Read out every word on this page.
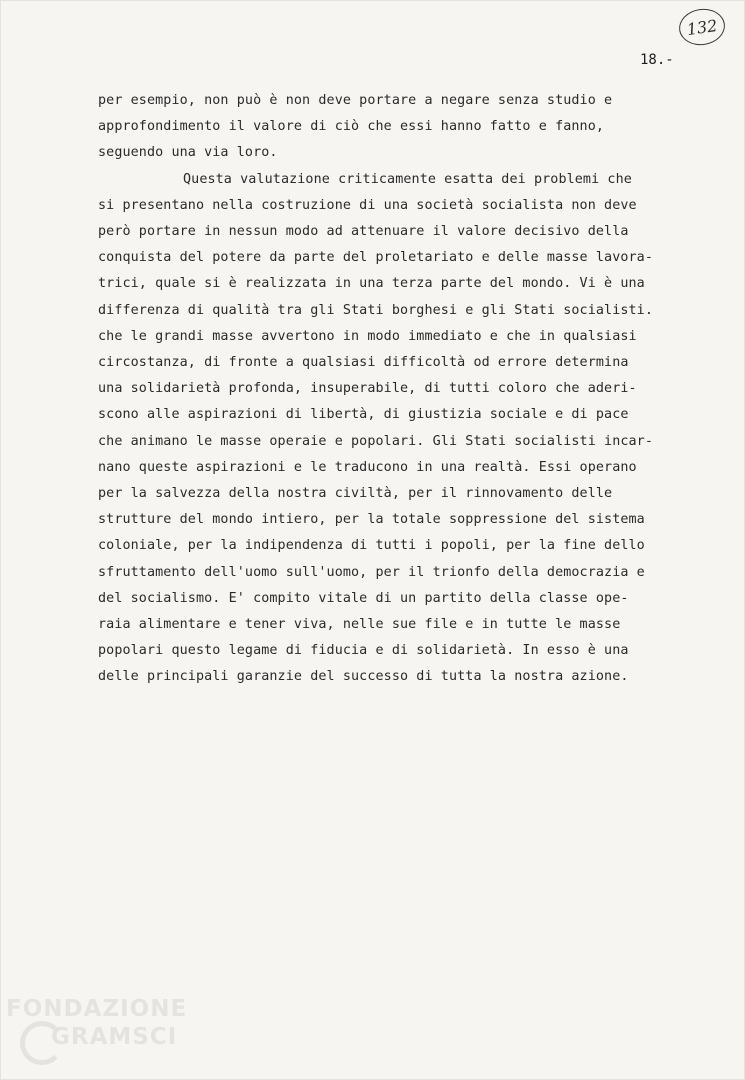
132
18.-
per esempio, non può è non deve portare a negare senza studio e
approfondimento il valore di ciò che essi hanno fatto e fanno,
seguendo una via loro.
Questa valutazione criticamente esatta dei problemi che
si presentano nella costruzione di una società socialista non deve
però portare in nessun modo ad attenuare il valore decisivo della
conquista del potere da parte del proletariato e delle masse lavora-
trici, quale si è realizzata in una terza parte del mondo. Vi è una
differenza di qualità tra gli Stati borghesi e gli Stati socialisti.
che le grandi masse avvertono in modo immediato e che in qualsiasi
circostanza, di fronte a qualsiasi difficoltà od errore determina
una solidarietà profonda, insuperabile, di tutti coloro che aderi-
scono alle aspirazioni di libertà, di giustizia sociale e di pace
che animano le masse operaie e popolari. Gli Stati socialisti incar-
nano queste aspirazioni e le traducono in una realtà. Essi operano
per la salvezza della nostra civiltà, per il rinnovamento delle
strutture del mondo intiero, per la totale soppressione del sistema
coloniale, per la indipendenza di tutti i popoli, per la fine dello
sfruttamento dell'uomo sull'uomo, per il trionfo della democrazia e
del socialismo. E' compito vitale di un partito della classe ope-
raia alimentare e tener viva, nelle sue file e in tutte le masse
popolari questo legame di fiducia e di solidarietà. In esso è una
delle principali garanzie del successo di tutta la nostra azione.
FONDAZIONE
GRAMSCI
